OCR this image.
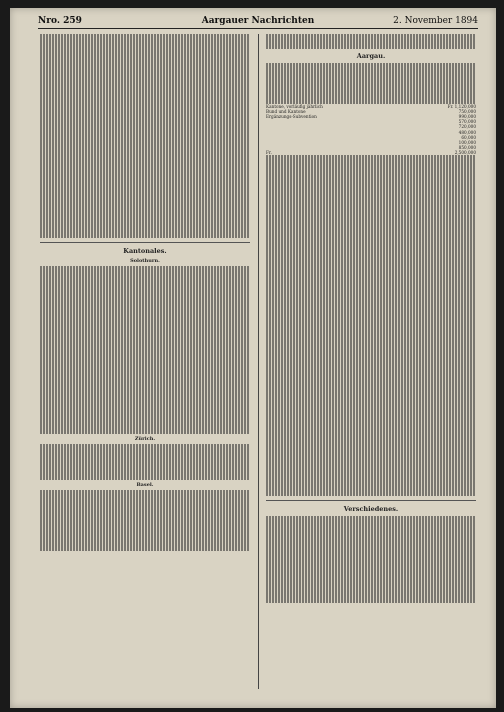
Nro. 259	Aargauer Nachrichten	2. November 1894
Kantonales.
Solothurn.
Zürich.
Basel.
Aargau.
Kantone, vorläufig jährlich	Fr. 1,120,000
Bund und Kantone	750,000
Ergänzungs-Subvention	990,000
570,000
720,000
480,000
60,000
100,000
850,000
Fr.	2,500,000
Verschiedenes.
